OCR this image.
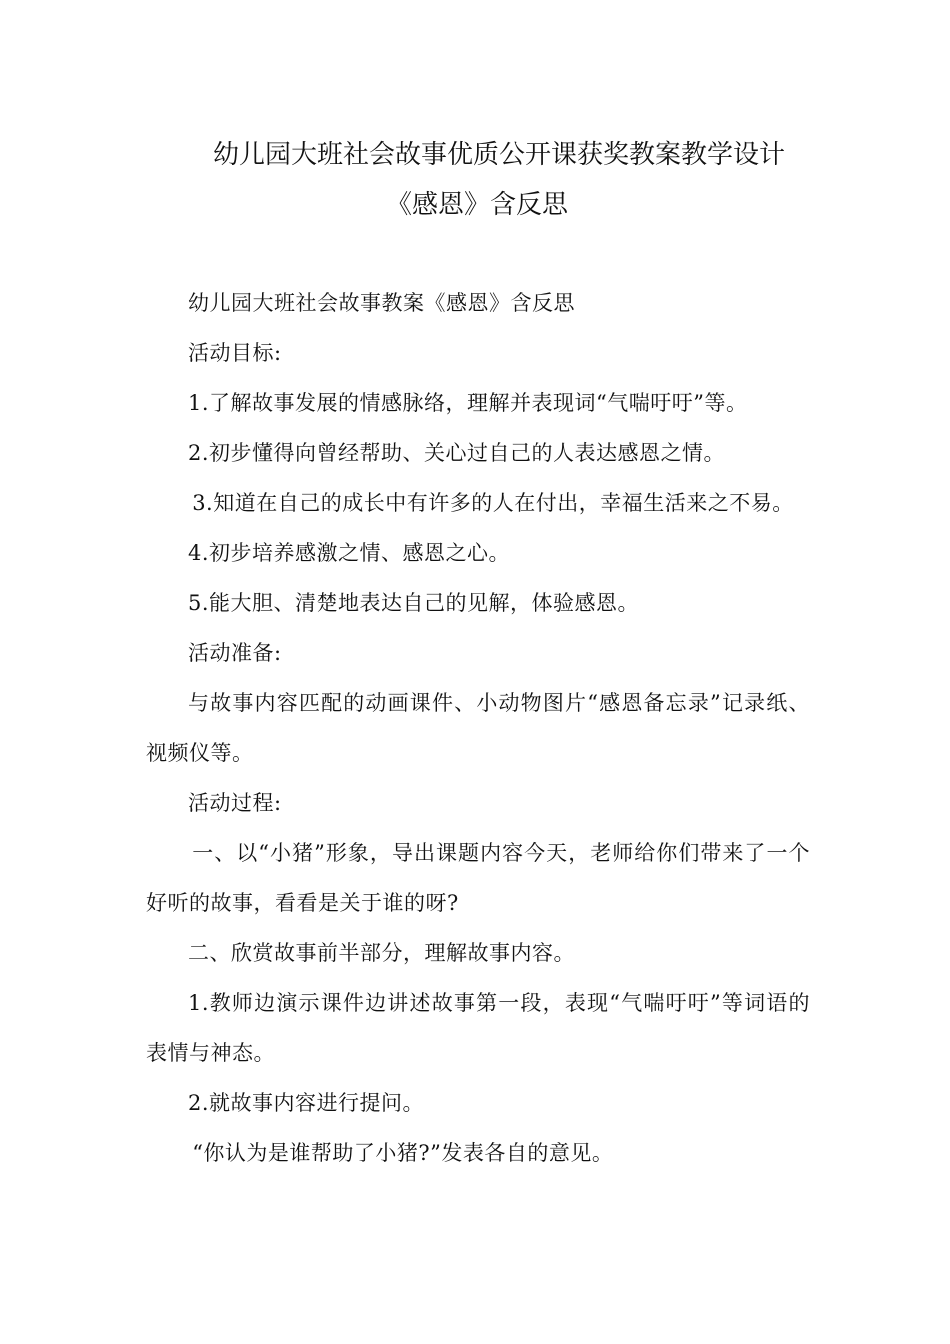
幼儿园大班社会故事优质公开课获奖教案教学设计
《感恩》含反思

幼儿园大班社会故事教案《感恩》含反思

活动目标:

1.了解故事发展的情感脉络，理解并表现词“气喘吁吁”等。

2.初步懂得向曾经帮助、关心过自己的人表达感恩之情。

3.知道在自己的成长中有许多的人在付出，幸福生活来之不易。

4.初步培养感激之情、感恩之心。

5.能大胆、清楚地表达自己的见解，体验感恩。

活动准备:

与故事内容匹配的动画课件、小动物图片“感恩备忘录”记录纸、视频仪等。

活动过程:

一、以“小猪”形象，导出课题内容今天，老师给你们带来了一个好听的故事，看看是关于谁的呀?

二、欣赏故事前半部分，理解故事内容。

1.教师边演示课件边讲述故事第一段，表现“气喘吁吁”等词语的表情与神态。

2.就故事内容进行提问。

“你认为是谁帮助了小猪?”发表各自的意见。
